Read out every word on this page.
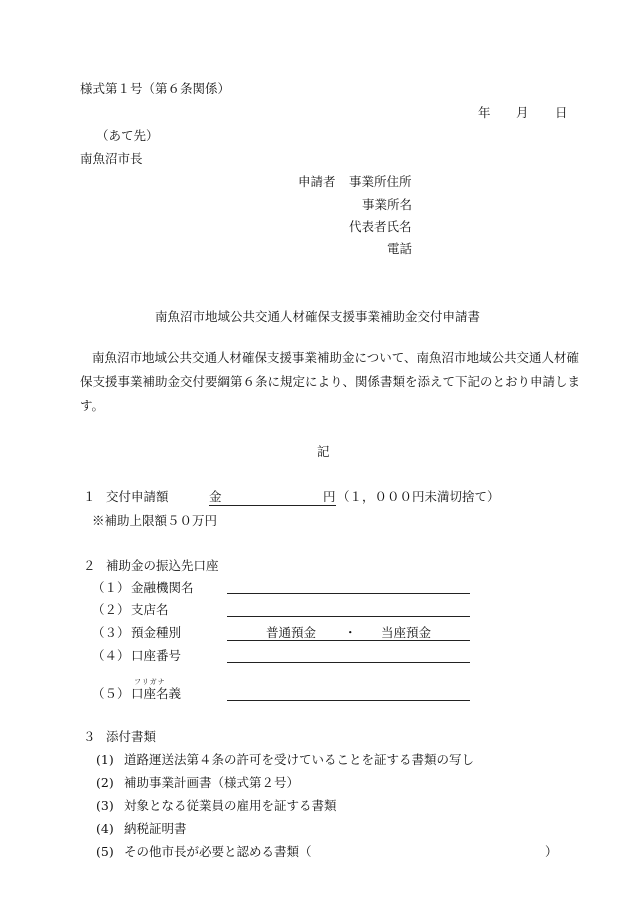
様式第１号（第６条関係）
年 月 日
（あて先）
南魚沼市長
申請者 事業所住所
事業所名
代表者氏名
電話
南魚沼市地域公共交通人材確保支援事業補助金交付申請書
南魚沼市地域公共交通人材確保支援事業補助金について、南魚沼市地域公共交通人材確保支援事業補助金交付要綱第６条に規定により、関係書類を添えて下記のとおり申請します。
記
１ 交付申請額	金	円 （１，０００円未満切捨て）
※補助上限額５０万円
２ 補助金の振込先口座
（１） 金融機関名
（２） 支店名
（３） 預金種別	普通預金 ・ 当座預金
（４） 口座番号
フリガナ
（５） 口座名義
３ 添付書類
(1) 道路運送法第４条の許可を受けていることを証する書類の写し
(2) 補助事業計画書（様式第２号）
(3) 対象となる従業員の雇用を証する書類
(4) 納税証明書
(5) その他市長が必要と認める書類（	）
